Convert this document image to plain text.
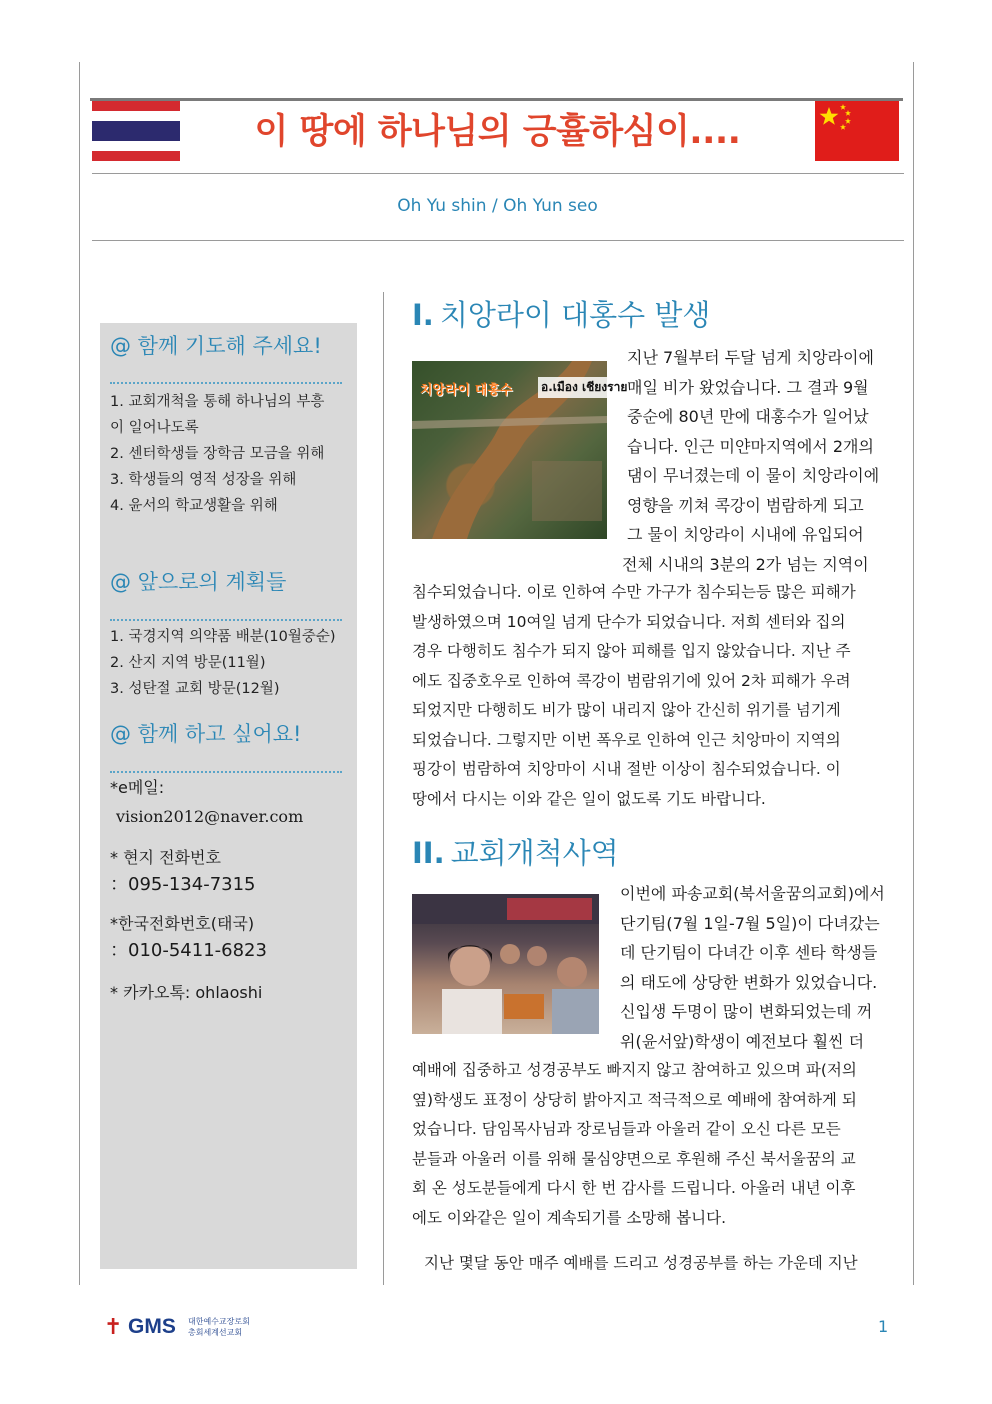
이 땅에 하나님의 긍휼하심이....
Oh Yu shin / Oh Yun seo
@ 함께 기도해 주세요!
1. 교회개척을 통해 하나님의 부흥
이 일어나도록
2. 센터학생들 장학금 모금을 위해
3. 학생들의 영적 성장을 위해
4. 윤서의 학교생활을 위해
@ 앞으로의 계획들
1. 국경지역 의약품 배분(10월중순)
2. 산지 지역 방문(11월)
3. 성탄절 교회 방문(12월)
@ 함께 하고 싶어요!
*e메일:
vision2012@naver.com
* 현지 전화번호
：095-134-7315
*한국전화번호(태국)
：010-5411-6823
* 카카오톡: ohlaoshi
I. 치앙라이 대홍수 발생
치앙라이 대홍수 อ.เมือง เชียงราย
지난 7월부터 두달 넘게 치앙라이에
매일 비가 왔었습니다. 그 결과 9월
중순에 80년 만에 대홍수가 일어났
습니다. 인근 미얀마지역에서 2개의
댐이 무너졌는데 이 물이 치앙라이에
영향을 끼쳐 콕강이 범람하게 되고
그 물이 치앙라이 시내에 유입되어
전체 시내의 3분의 2가 넘는 지역이
침수되었습니다. 이로 인하여 수만 가구가 침수되는등 많은 피해가
발생하였으며 10여일 넘게 단수가 되었습니다. 저희 센터와 집의
경우 다행히도 침수가 되지 않아 피해를 입지 않았습니다. 지난 주
에도 집중호우로 인하여 콕강이 범람위기에 있어 2차 피해가 우려
되었지만 다행히도 비가 많이 내리지 않아 간신히 위기를 넘기게
되었습니다. 그렇지만 이번 폭우로 인하여 인근 치앙마이 지역의
핑강이 범람하여 치앙마이 시내 절반 이상이 침수되었습니다. 이
땅에서 다시는 이와 같은 일이 없도록 기도 바랍니다.
II. 교회개척사역
이번에 파송교회(북서울꿈의교회)에서
단기팀(7월 1일-7월 5일)이 다녀갔는
데 단기팀이 다녀간 이후 센타 학생들
의 태도에 상당한 변화가 있었습니다.
신입생 두명이 많이 변화되었는데 꺼
위(윤서앞)학생이 예전보다 훨씬 더
예배에 집중하고 성경공부도 빠지지 않고 참여하고 있으며 파(저의
옆)학생도 표정이 상당히 밝아지고 적극적으로 예배에 참여하게 되
었습니다. 담임목사님과 장로님들과 아울러 같이 오신 다른 모든
분들과 아울러 이를 위해 물심양면으로 후원해 주신 북서울꿈의 교
회 온 성도분들에게 다시 한 번 감사를 드립니다. 아울러 내년 이후
에도 이와같은 일이 계속되기를 소망해 봅니다.
지난 몇달 동안 매주 예배를 드리고 성경공부를 하는 가운데 지난
✝ GMS 대한예수교장로회
총회세계선교회	1
